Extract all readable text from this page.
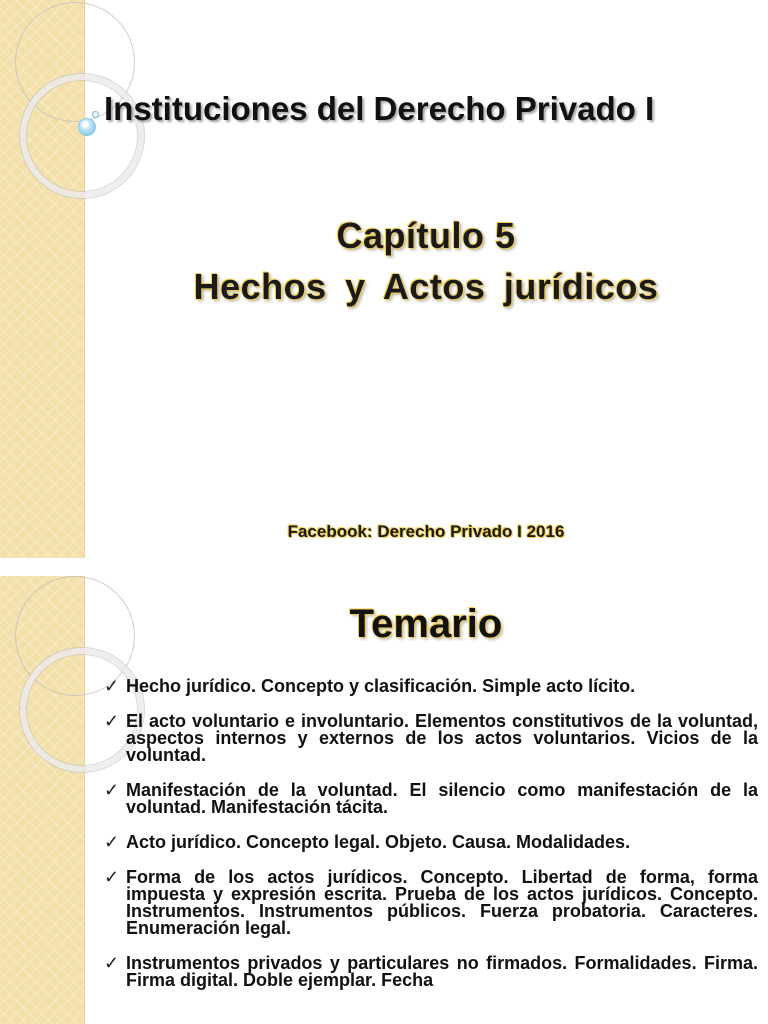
Instituciones del Derecho Privado I
Capítulo 5
Hechos y Actos jurídicos
Facebook: Derecho Privado I 2016
Temario
✓ Hecho jurídico. Concepto y clasificación. Simple acto lícito.
✓ El acto voluntario e involuntario. Elementos constitutivos de la voluntad, aspectos internos y externos de los actos voluntarios. Vicios de la voluntad.
✓ Manifestación de la voluntad. El silencio como manifestación de la voluntad. Manifestación tácita.
✓ Acto jurídico. Concepto legal. Objeto. Causa. Modalidades.
✓ Forma de los actos jurídicos. Concepto. Libertad de forma, forma impuesta y expresión escrita. Prueba de los actos jurídicos. Concepto. Instrumentos. Instrumentos públicos. Fuerza probatoria. Caracteres. Enumeración legal.
✓ Instrumentos privados y particulares no firmados. Formalidades. Firma. Firma digital. Doble ejemplar. Fecha
